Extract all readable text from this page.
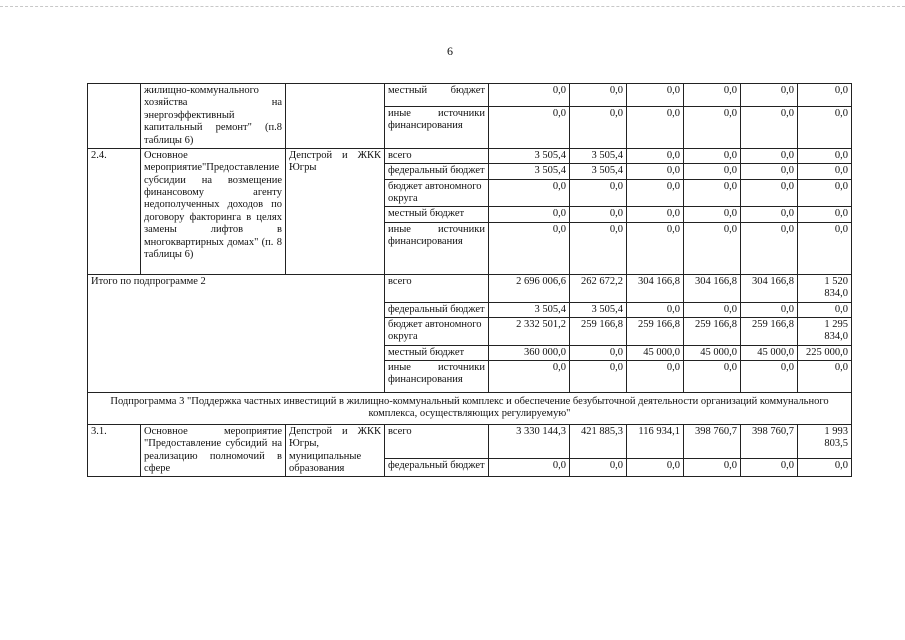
6
	жилищно-коммунального хозяйства на энергоэффективный капитальный ремонт" (п.8 таблицы 6)		местный бюджет	0,0	0,0	0,0	0,0	0,0	0,0
			иные источники финансирования	0,0	0,0	0,0	0,0	0,0	0,0
2.4.	Основное мероприятие"Предоставление субсидии на возмещение финансовому агенту недополученных доходов по договору факторинга в целях замены лифтов в многоквартирных домах" (п. 8 таблицы 6)	Депстрой и ЖКК Югры	всего	3 505,4	3 505,4	0,0	0,0	0,0	0,0
			федеральный бюджет	3 505,4	3 505,4	0,0	0,0	0,0	0,0
			бюджет автономного округа	0,0	0,0	0,0	0,0	0,0	0,0
			местный бюджет	0,0	0,0	0,0	0,0	0,0	0,0
			иные источники финансирования	0,0	0,0	0,0	0,0	0,0	0,0
Итого по подпрограмме 2			всего	2 696 006,6	262 672,2	304 166,8	304 166,8	304 166,8	1 520 834,0
			федеральный бюджет	3 505,4	3 505,4	0,0	0,0	0,0	0,0
			бюджет автономного округа	2 332 501,2	259 166,8	259 166,8	259 166,8	259 166,8	1 295 834,0
			местный бюджет	360 000,0	0,0	45 000,0	45 000,0	45 000,0	225 000,0
			иные источники финансирования	0,0	0,0	0,0	0,0	0,0	0,0
Подпрограмма 3 "Поддержка частных инвестиций в жилищно-коммунальный комплекс и обеспечение безубыточной деятельности организаций коммунального комплекса, осуществляющих регулируемую"									
3.1.	Основное мероприятие "Предоставление субсидий на реализацию полномочий в сфере	Депстрой и ЖКК Югры, муниципальные образования	всего	3 330 144,3	421 885,3	116 934,1	398 760,7	398 760,7	1 993 803,5
			федеральный бюджет	0,0	0,0	0,0	0,0	0,0	0,0
